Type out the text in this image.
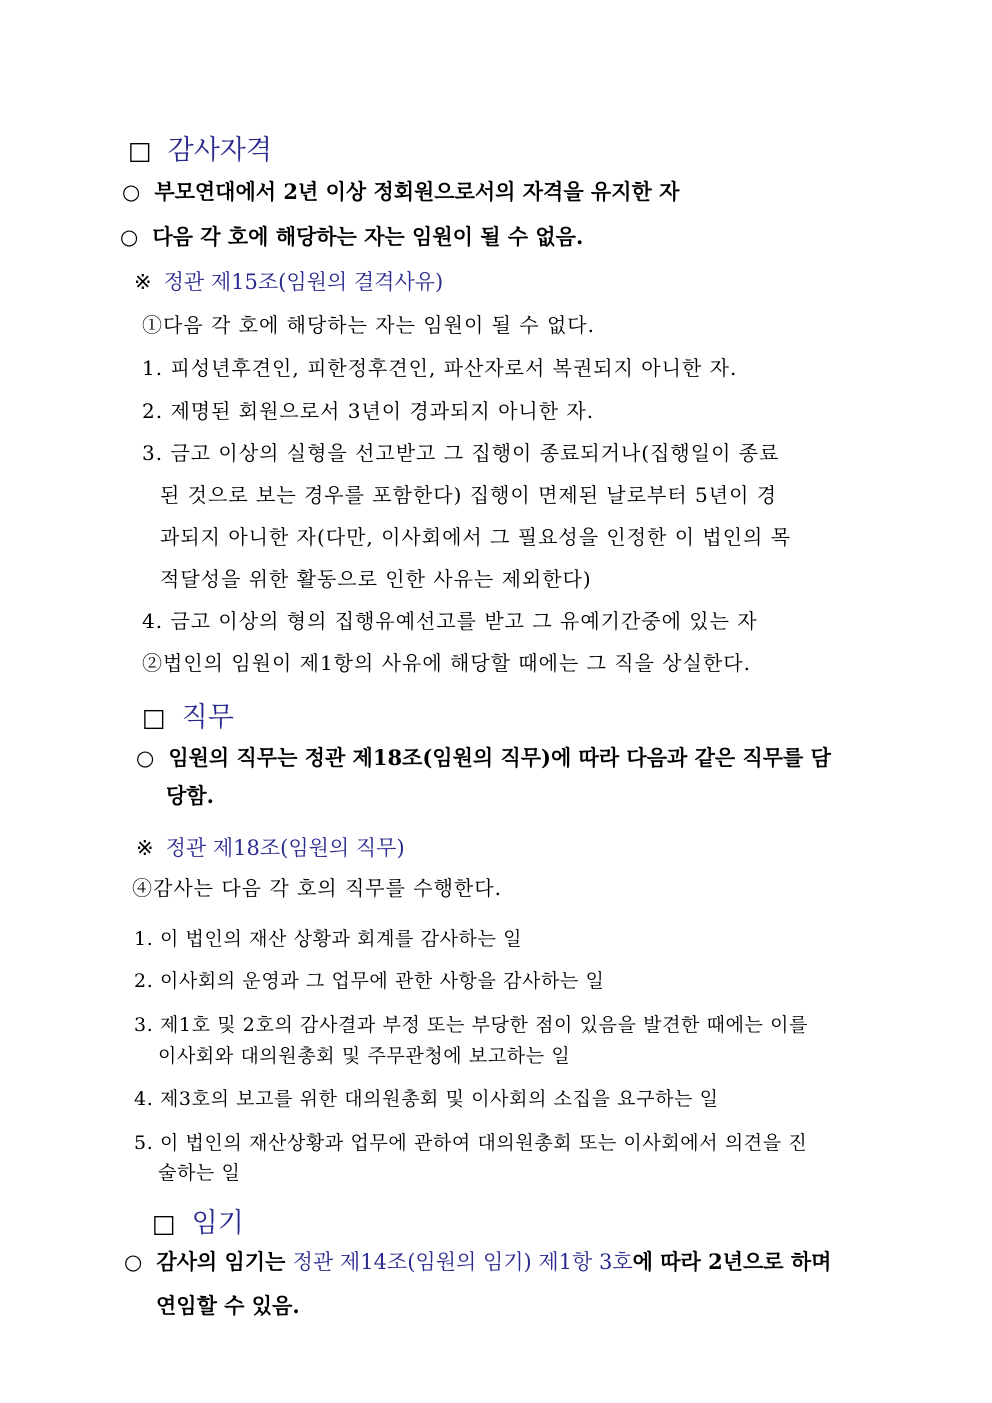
□ 감사자격
○ 부모연대에서 2년 이상 정회원으로서의 자격을 유지한 자
○ 다음 각 호에 해당하는 자는 임원이 될 수 없음.
※ 정관 제15조(임원의 결격사유)
①다음 각 호에 해당하는 자는 임원이 될 수 없다.
1. 피성년후견인, 피한정후견인, 파산자로서 복권되지 아니한 자.
2. 제명된 회원으로서 3년이 경과되지 아니한 자.
3. 금고 이상의 실형을 선고받고 그 집행이 종료되거나(집행일이 종료
된 것으로 보는 경우를 포함한다) 집행이 면제된 날로부터 5년이 경
과되지 아니한 자(다만, 이사회에서 그 필요성을 인정한 이 법인의 목
적달성을 위한 활동으로 인한 사유는 제외한다)
4. 금고 이상의 형의 집행유예선고를 받고 그 유예기간중에 있는 자
②법인의 임원이 제1항의 사유에 해당할 때에는 그 직을 상실한다.
□ 직무
○ 임원의 직무는 정관 제18조(임원의 직무)에 따라 다음과 같은 직무를 담
당함.
※ 정관 제18조(임원의 직무)
④감사는 다음 각 호의 직무를 수행한다.
1. 이 법인의 재산 상황과 회계를 감사하는 일
2. 이사회의 운영과 그 업무에 관한 사항을 감사하는 일
3. 제1호 및 2호의 감사결과 부정 또는 부당한 점이 있음을 발견한 때에는 이를
이사회와 대의원총회 및 주무관청에 보고하는 일
4. 제3호의 보고를 위한 대의원총회 및 이사회의 소집을 요구하는 일
5. 이 법인의 재산상황과 업무에 관하여 대의원총회 또는 이사회에서 의견을 진
술하는 일
□ 임기
○ 감사의 임기는 정관 제14조(임원의 임기) 제1항 3호에 따라 2년으로 하며
연임할 수 있음.
